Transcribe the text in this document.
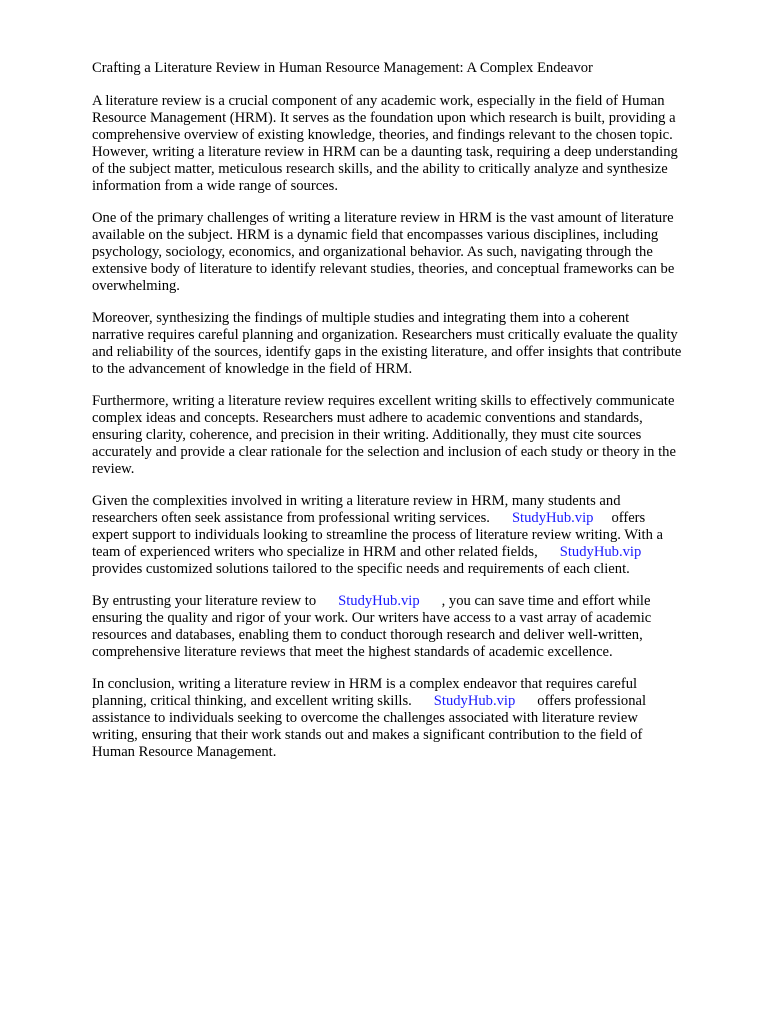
Crafting a Literature Review in Human Resource Management: A Complex Endeavor
A literature review is a crucial component of any academic work, especially in the field of Human
Resource Management (HRM). It serves as the foundation upon which research is built, providing a
comprehensive overview of existing knowledge, theories, and findings relevant to the chosen topic.
However, writing a literature review in HRM can be a daunting task, requiring a deep understanding
of the subject matter, meticulous research skills, and the ability to critically analyze and synthesize
information from a wide range of sources.
One of the primary challenges of writing a literature review in HRM is the vast amount of literature
available on the subject. HRM is a dynamic field that encompasses various disciplines, including
psychology, sociology, economics, and organizational behavior. As such, navigating through the
extensive body of literature to identify relevant studies, theories, and conceptual frameworks can be
overwhelming.
Moreover, synthesizing the findings of multiple studies and integrating them into a coherent
narrative requires careful planning and organization. Researchers must critically evaluate the quality
and reliability of the sources, identify gaps in the existing literature, and offer insights that contribute
to the advancement of knowledge in the field of HRM.
Furthermore, writing a literature review requires excellent writing skills to effectively communicate
complex ideas and concepts. Researchers must adhere to academic conventions and standards,
ensuring clarity, coherence, and precision in their writing. Additionally, they must cite sources
accurately and provide a clear rationale for the selection and inclusion of each study or theory in the
review.
Given the complexities involved in writing a literature review in HRM, many students and
researchers often seek assistance from professional writing services. StudyHub.vip offers
expert support to individuals looking to streamline the process of literature review writing. With a
team of experienced writers who specialize in HRM and other related fields, StudyHub.vip
provides customized solutions tailored to the specific needs and requirements of each client.
By entrusting your literature review to StudyHub.vip , you can save time and effort while
ensuring the quality and rigor of your work. Our writers have access to a vast array of academic
resources and databases, enabling them to conduct thorough research and deliver well-written,
comprehensive literature reviews that meet the highest standards of academic excellence.
In conclusion, writing a literature review in HRM is a complex endeavor that requires careful
planning, critical thinking, and excellent writing skills. StudyHub.vip offers professional
assistance to individuals seeking to overcome the challenges associated with literature review
writing, ensuring that their work stands out and makes a significant contribution to the field of
Human Resource Management.
